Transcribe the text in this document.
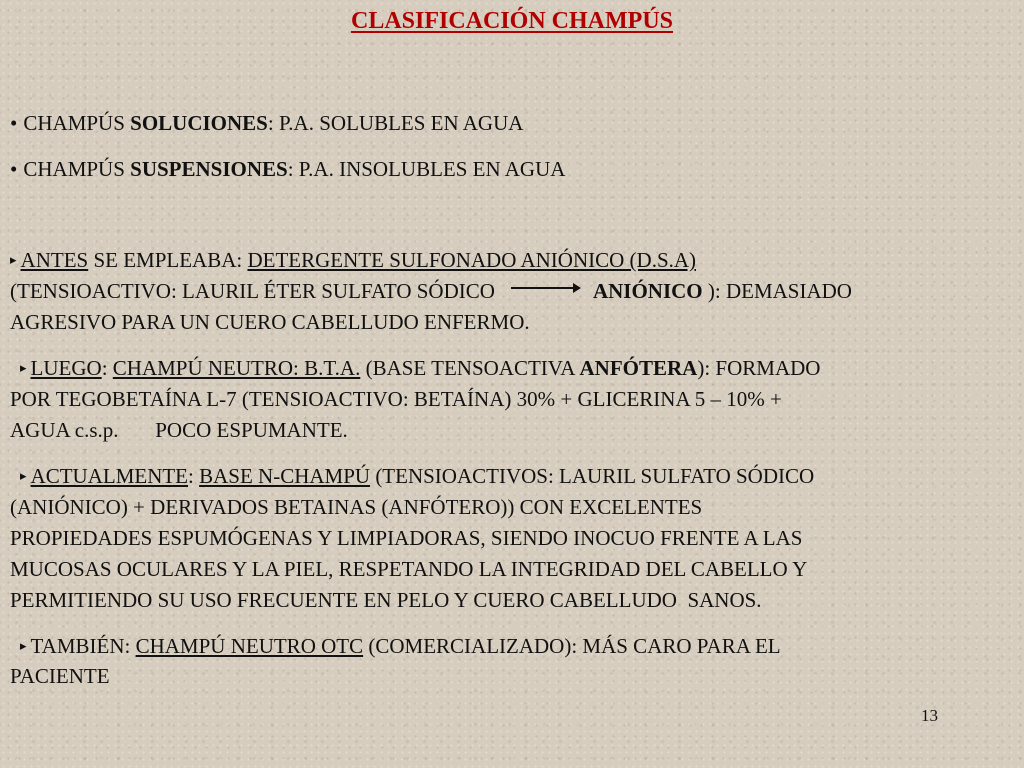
CLASIFICACIÓN CHAMPÚS
• CHAMPÚS SOLUCIONES: P.A. SOLUBLES EN AGUA
• CHAMPÚS SUSPENSIONES: P.A. INSOLUBLES EN AGUA
▸ ANTES SE EMPLEABA: DETERGENTE SULFONADO ANIÓNICO (D.S.A)
(TENSIOACTIVO: LAURIL ÉTER SULFATO SÓDICO	ANIÓNICO ): DEMASIADO
AGRESIVO PARA UN CUERO CABELLUDO ENFERMO.
▸ LUEGO: CHAMPÚ NEUTRO: B.T.A. (BASE TENSOACTIVA ANFÓTERA): FORMADO
POR TEGOBETAÍNA L-7 (TENSIOACTIVO: BETAÍNA) 30% + GLICERINA 5 – 10% +
AGUA c.s.p.       POCO ESPUMANTE.
▸ ACTUALMENTE: BASE N-CHAMPÚ (TENSIOACTIVOS: LAURIL SULFATO SÓDICO
(ANIÓNICO) + DERIVADOS BETAINAS (ANFÓTERO)) CON EXCELENTES
PROPIEDADES ESPUMÓGENAS Y LIMPIADORAS, SIENDO INOCUO FRENTE A LAS
MUCOSAS OCULARES Y LA PIEL, RESPETANDO LA INTEGRIDAD DEL CABELLO Y
PERMITIENDO SU USO FRECUENTE EN PELO Y CUERO CABELLUDO  SANOS.
▸ TAMBIÉN: CHAMPÚ NEUTRO OTC (COMERCIALIZADO): MÁS CARO PARA EL
PACIENTE
13
